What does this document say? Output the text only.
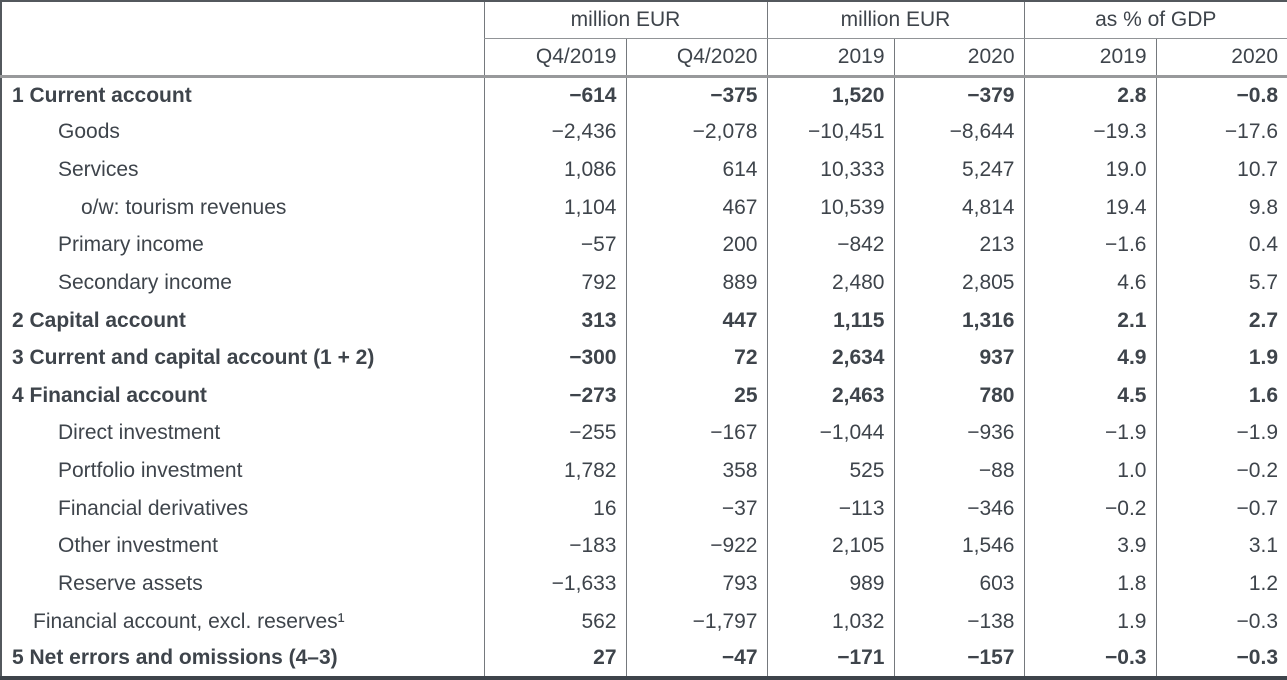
	million EUR		million EUR		as % of GDP	
	Q4/2019	Q4/2020	2019	2020	2019	2020
1 Current account	−614	−375	1,520	−379	2.8	−0.8
Goods	−2,436	−2,078	−10,451	−8,644	−19.3	−17.6
Services	1,086	614	10,333	5,247	19.0	10.7
o/w: tourism revenues	1,104	467	10,539	4,814	19.4	9.8
Primary income	−57	200	−842	213	−1.6	0.4
Secondary income	792	889	2,480	2,805	4.6	5.7
2 Capital account	313	447	1,115	1,316	2.1	2.7
3 Current and capital account (1 + 2)	−300	72	2,634	937	4.9	1.9
4 Financial account	−273	25	2,463	780	4.5	1.6
Direct investment	−255	−167	−1,044	−936	−1.9	−1.9
Portfolio investment	1,782	358	525	−88	1.0	−0.2
Financial derivatives	16	−37	−113	−346	−0.2	−0.7
Other investment	−183	−922	2,105	1,546	3.9	3.1
Reserve assets	−1,633	793	989	603	1.8	1.2
Financial account, excl. reserves¹	562	−1,797	1,032	−138	1.9	−0.3
5 Net errors and omissions (4–3)	27	−47	−171	−157	−0.3	−0.3
